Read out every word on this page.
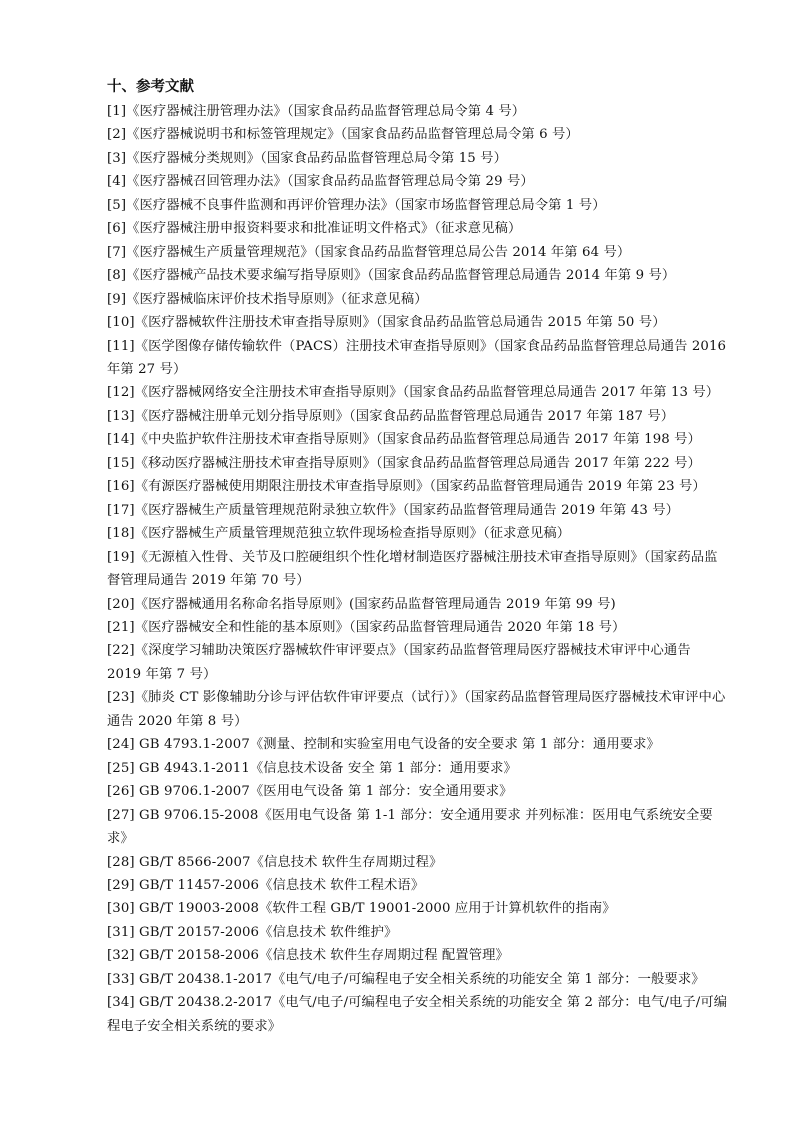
十、参考文献
[1]《医疗器械注册管理办法》（国家食品药品监督管理总局令第 4 号）
[2]《医疗器械说明书和标签管理规定》（国家食品药品监督管理总局令第 6 号）
[3]《医疗器械分类规则》（国家食品药品监督管理总局令第 15 号）
[4]《医疗器械召回管理办法》（国家食品药品监督管理总局令第 29 号）
[5]《医疗器械不良事件监测和再评价管理办法》（国家市场监督管理总局令第 1 号）
[6]《医疗器械注册申报资料要求和批准证明文件格式》（征求意见稿）
[7]《医疗器械生产质量管理规范》（国家食品药品监督管理总局公告 2014 年第 64 号）
[8]《医疗器械产品技术要求编写指导原则》（国家食品药品监督管理总局通告 2014 年第 9 号）
[9]《医疗器械临床评价技术指导原则》（征求意见稿）
[10]《医疗器械软件注册技术审查指导原则》（国家食品药品监管总局通告 2015 年第 50 号）
[11]《医学图像存储传输软件（PACS）注册技术审查指导原则》（国家食品药品监督管理总局通告 2016 年第 27 号）
[12]《医疗器械网络安全注册技术审查指导原则》（国家食品药品监督管理总局通告 2017 年第 13 号）
[13]《医疗器械注册单元划分指导原则》（国家食品药品监督管理总局通告 2017 年第 187 号）
[14]《中央监护软件注册技术审查指导原则》（国家食品药品监督管理总局通告 2017 年第 198 号）
[15]《移动医疗器械注册技术审查指导原则》（国家食品药品监督管理总局通告 2017 年第 222 号）
[16]《有源医疗器械使用期限注册技术审查指导原则》（国家药品监督管理局通告 2019 年第 23 号）
[17]《医疗器械生产质量管理规范附录独立软件》（国家药品监督管理局通告 2019 年第 43 号）
[18]《医疗器械生产质量管理规范独立软件现场检查指导原则》（征求意见稿）
[19]《无源植入性骨、关节及口腔硬组织个性化增材制造医疗器械注册技术审查指导原则》（国家药品监督管理局通告 2019 年第 70 号）
[20]《医疗器械通用名称命名指导原则》(国家药品监督管理局通告 2019 年第 99 号)
[21]《医疗器械安全和性能的基本原则》（国家药品监督管理局通告 2020 年第 18 号）
[22]《深度学习辅助决策医疗器械软件审评要点》（国家药品监督管理局医疗器械技术审评中心通告 2019 年第 7 号）
[23]《肺炎 CT 影像辅助分诊与评估软件审评要点（试行）》（国家药品监督管理局医疗器械技术审评中心通告 2020 年第 8 号）
[24] GB 4793.1-2007《测量、控制和实验室用电气设备的安全要求 第 1 部分：通用要求》
[25] GB 4943.1-2011《信息技术设备 安全 第 1 部分：通用要求》
[26] GB 9706.1-2007《医用电气设备 第 1 部分：安全通用要求》
[27] GB 9706.15-2008《医用电气设备 第 1-1 部分：安全通用要求 并列标准：医用电气系统安全要求》
[28] GB/T 8566-2007《信息技术 软件生存周期过程》
[29] GB/T 11457-2006《信息技术 软件工程术语》
[30] GB/T 19003-2008《软件工程 GB/T 19001-2000 应用于计算机软件的指南》
[31] GB/T 20157-2006《信息技术 软件维护》
[32] GB/T 20158-2006《信息技术 软件生存周期过程 配置管理》
[33] GB/T 20438.1-2017《电气/电子/可编程电子安全相关系统的功能安全 第 1 部分：一般要求》
[34] GB/T 20438.2-2017《电气/电子/可编程电子安全相关系统的功能安全 第 2 部分：电气/电子/可编程电子安全相关系统的要求》
